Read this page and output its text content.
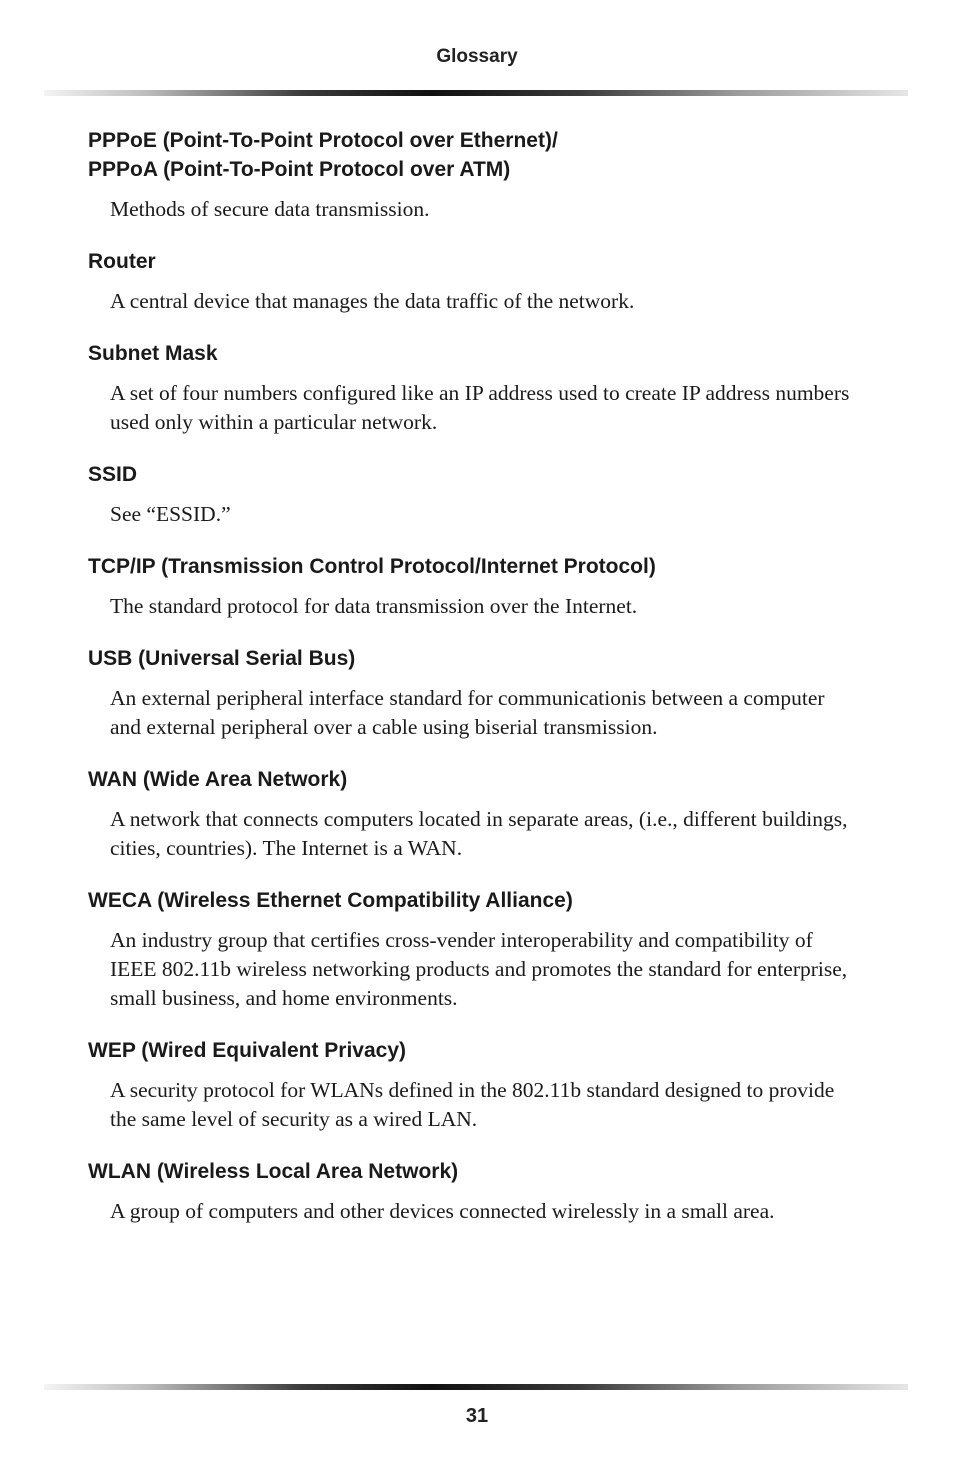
Glossary
PPPoE (Point-To-Point Protocol over Ethernet)/
PPPoA (Point-To-Point Protocol over ATM)
Methods of secure data transmission.
Router
A central device that manages the data traffic of the network.
Subnet Mask
A set of four numbers configured like an IP address used to create IP address numbers used only within a particular network.
SSID
See “ESSID.”
TCP/IP (Transmission Control Protocol/Internet Protocol)
The standard protocol for data transmission over the Internet.
USB (Universal Serial Bus)
An external peripheral interface standard for communicationis between a computer and external peripheral over a cable using biserial transmission.
WAN (Wide Area Network)
A network that connects computers located in separate areas, (i.e., different buildings, cities, countries). The Internet is a WAN.
WECA (Wireless Ethernet Compatibility Alliance)
An industry group that certifies cross-vender interoperability and compatibility of IEEE 802.11b wireless networking products and promotes the standard for enterprise, small business, and home environments.
WEP (Wired Equivalent Privacy)
A security protocol for WLANs defined in the 802.11b standard designed to provide the same level of security as a wired LAN.
WLAN (Wireless Local Area Network)
A group of computers and other devices connected wirelessly in a small area.
31
